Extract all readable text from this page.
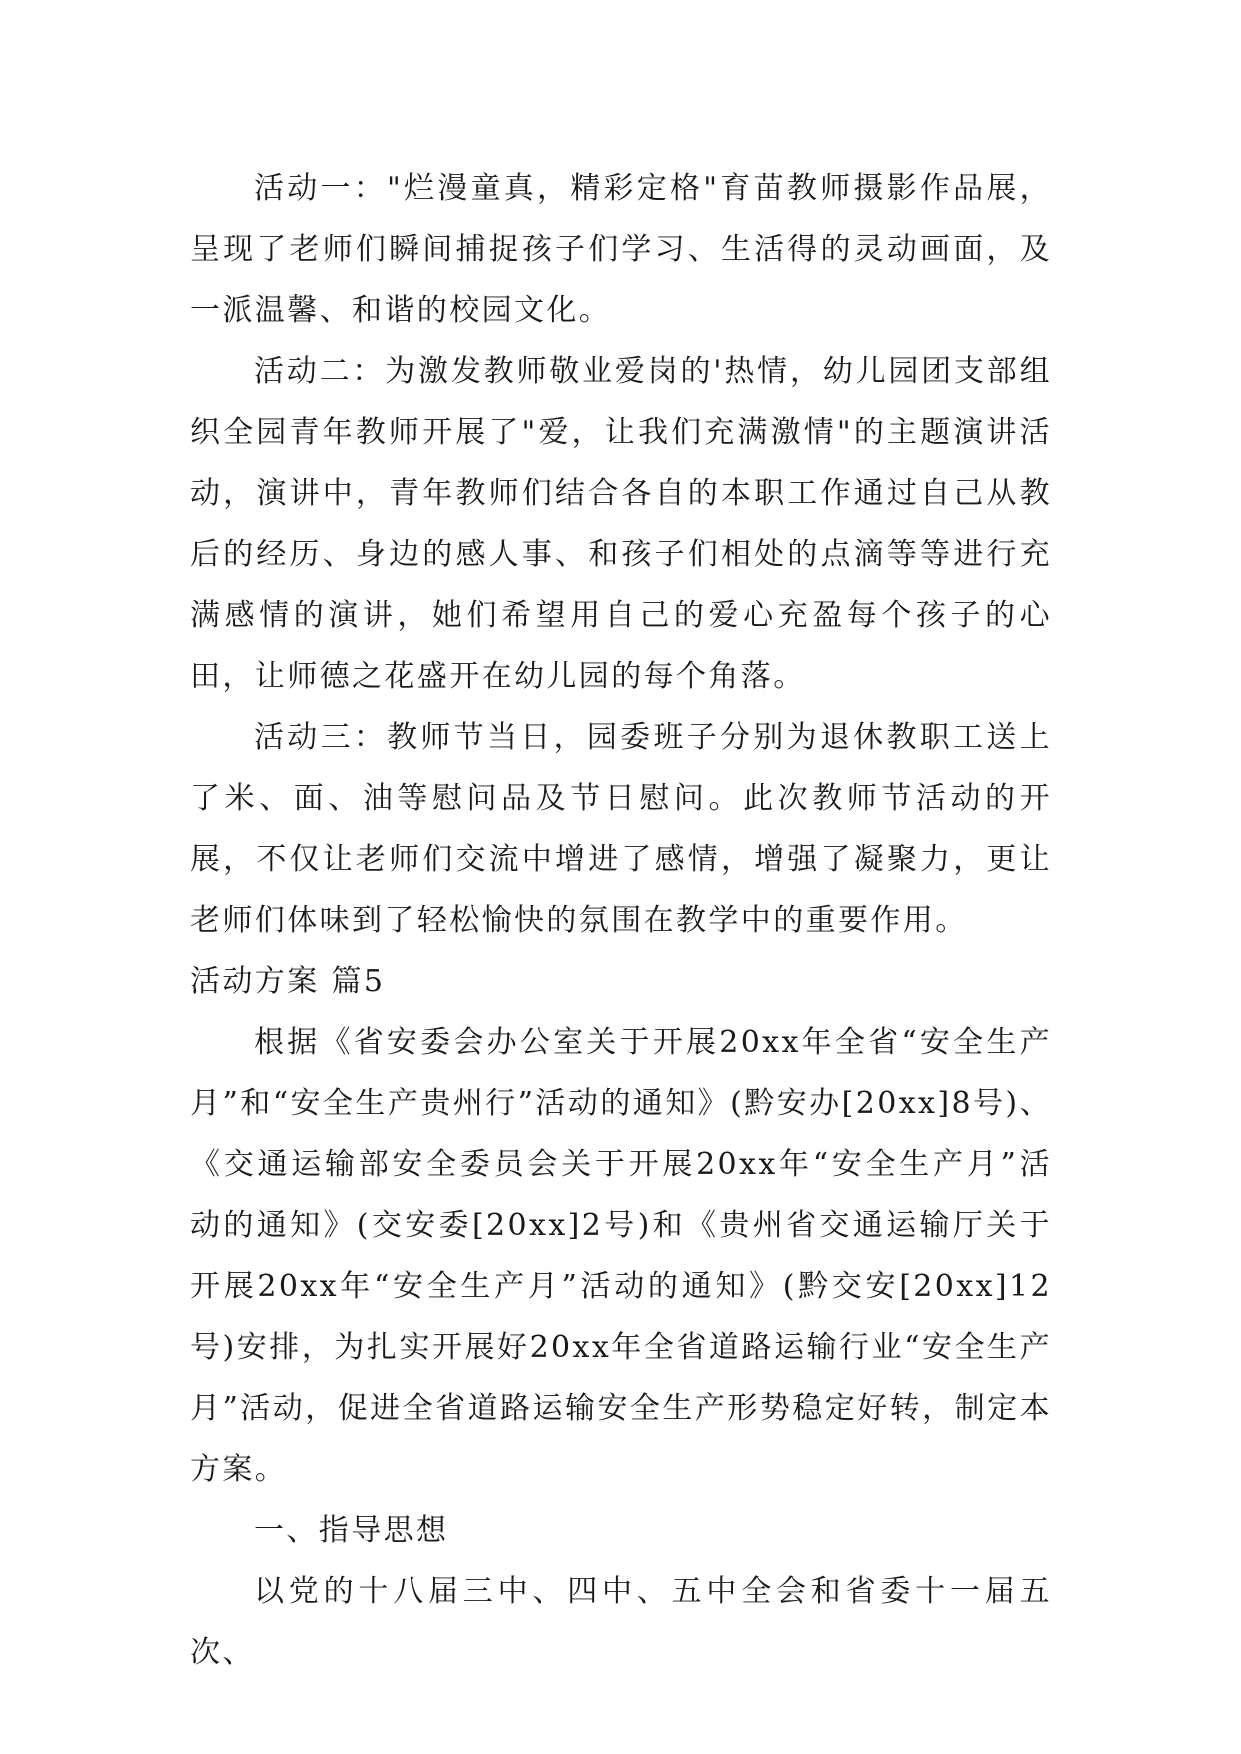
活动一："烂漫童真，精彩定格"育苗教师摄影作品展，呈现了老师们瞬间捕捉孩子们学习、生活得的灵动画面，及一派温馨、和谐的校园文化。

活动二：为激发教师敬业爱岗的'热情，幼儿园团支部组织全园青年教师开展了"爱，让我们充满激情"的主题演讲活动，演讲中，青年教师们结合各自的本职工作通过自己从教后的经历、身边的感人事、和孩子们相处的点滴等等进行充满感情的演讲，她们希望用自己的爱心充盈每个孩子的心田，让师德之花盛开在幼儿园的每个角落。

活动三：教师节当日，园委班子分别为退休教职工送上了米、面、油等慰问品及节日慰问。此次教师节活动的开展，不仅让老师们交流中增进了感情，增强了凝聚力，更让老师们体味到了轻松愉快的氛围在教学中的重要作用。

活动方案 篇5

根据《省安委会办公室关于开展20xx年全省“安全生产月”和“安全生产贵州行”活动的通知》(黔安办[20xx]8号)、《交通运输部安全委员会关于开展20xx年“安全生产月”活动的通知》(交安委[20xx]2号)和《贵州省交通运输厅关于开展20xx年“安全生产月”活动的通知》(黔交安[20xx]12号)安排，为扎实开展好20xx年全省道路运输行业“安全生产月”活动，促进全省道路运输安全生产形势稳定好转，制定本方案。

一、指导思想

以党的十八届三中、四中、五中全会和省委十一届五次、
